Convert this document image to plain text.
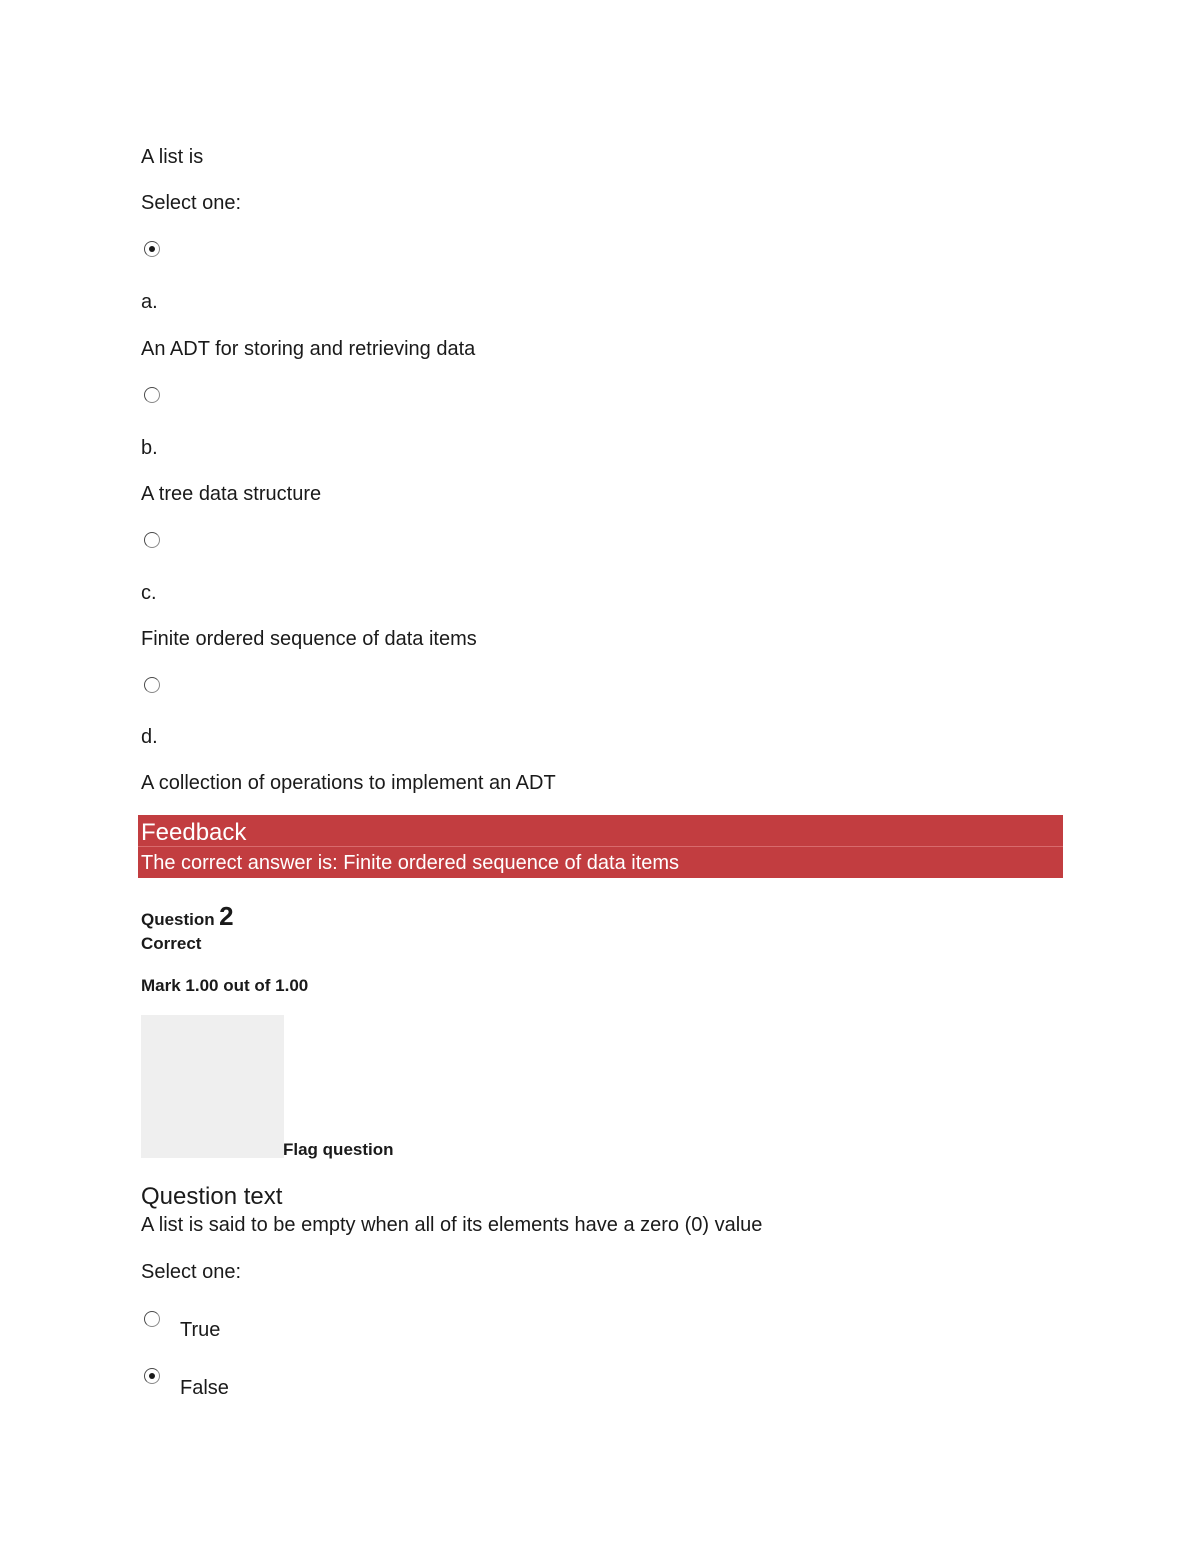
A list is
Select one:
a.
An ADT for storing and retrieving data
b.
A tree data structure
c.
Finite ordered sequence of data items
d.
A collection of operations to implement an ADT
Feedback
The correct answer is: Finite ordered sequence of data items
Question 2
Correct
Mark 1.00 out of 1.00
Flag question
Question text
A list is said to be empty when all of its elements have a zero (0) value
Select one:
True
False
